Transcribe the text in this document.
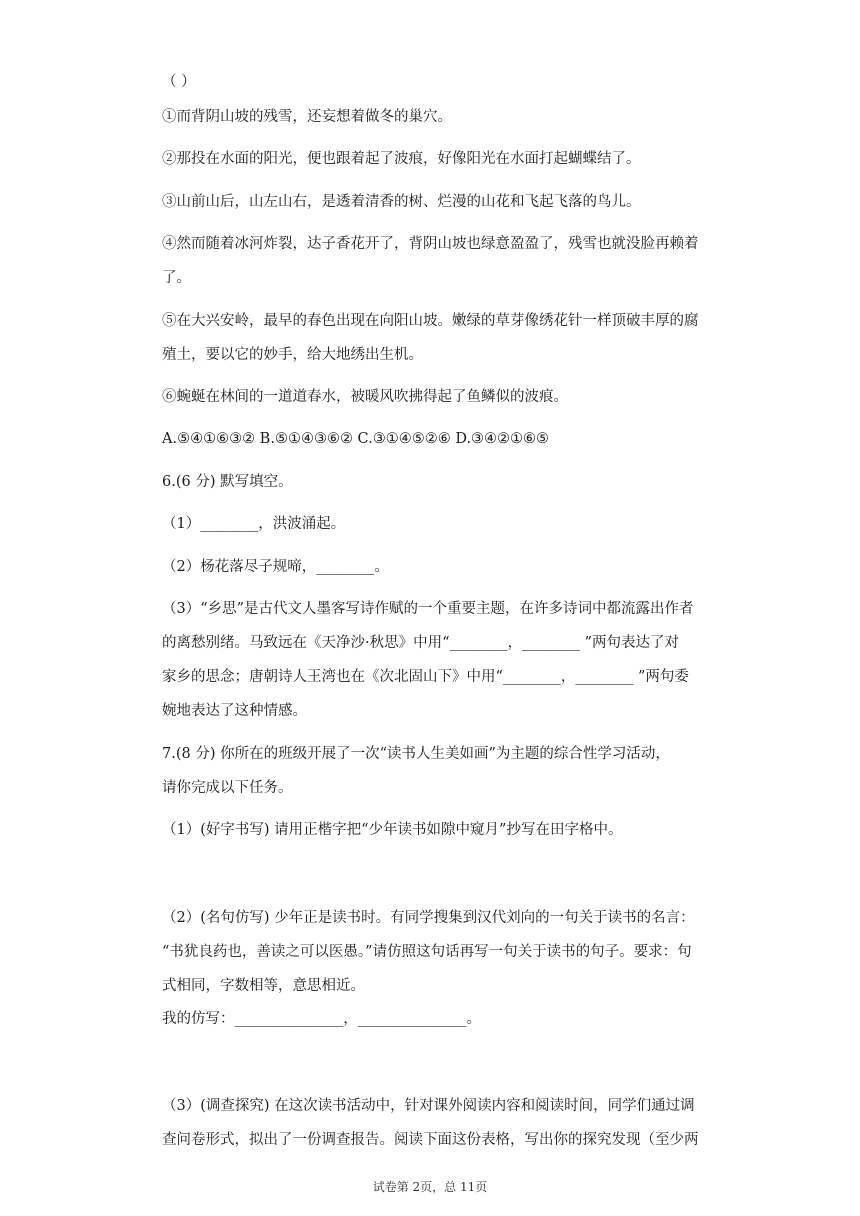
（ ）
①而背阴山坡的残雪，还妄想着做冬的巢穴。
②那投在水面的阳光，便也跟着起了波痕，好像阳光在水面打起蝴蝶结了。
③山前山后，山左山右，是透着清香的树、烂漫的山花和飞起飞落的鸟儿。
④然而随着冰河炸裂，达子香花开了，背阴山坡也绿意盈盈了，残雪也就没脸再赖着
了。
⑤在大兴安岭，最早的春色出现在向阳山坡。嫩绿的草芽像绣花针一样顶破丰厚的腐
殖土，要以它的妙手，给大地绣出生机。
⑥蜿蜒在林间的一道道春水，被暖风吹拂得起了鱼鳞似的波痕。
A.⑤④①⑥③② B.⑤①④③⑥② C.③①④⑤②⑥ D.③④②①⑥⑤
6.(6 分) 默写填空。
（1）________，洪波涌起。
（2）杨花落尽子规啼，________。
（3）“乡思”是古代文人墨客写诗作赋的一个重要主题，在许多诗词中都流露出作者
的离愁别绪。马致远在《天净沙·秋思》中用“________，________ ”两句表达了对
家乡的思念；唐朝诗人王湾也在《次北固山下》中用“________，________ ”两句委
婉地表达了这种情感。
7.(8 分) 你所在的班级开展了一次“读书人生美如画”为主题的综合性学习活动，
请你完成以下任务。
（1）(好字书写) 请用正楷字把“少年读书如隙中窥月”抄写在田字格中。
（2）(名句仿写) 少年正是读书时。有同学搜集到汉代刘向的一句关于读书的名言：
“书犹良药也，善读之可以医愚。”请仿照这句话再写一句关于读书的句子。要求：句
式相同，字数相等，意思相近。
我的仿写：_______________，_______________。
（3）(调查探究) 在这次读书活动中，针对课外阅读内容和阅读时间，同学们通过调
查问卷形式，拟出了一份调查报告。阅读下面这份表格，写出你的探究发现（至少两
试卷第 2页，总 11页
